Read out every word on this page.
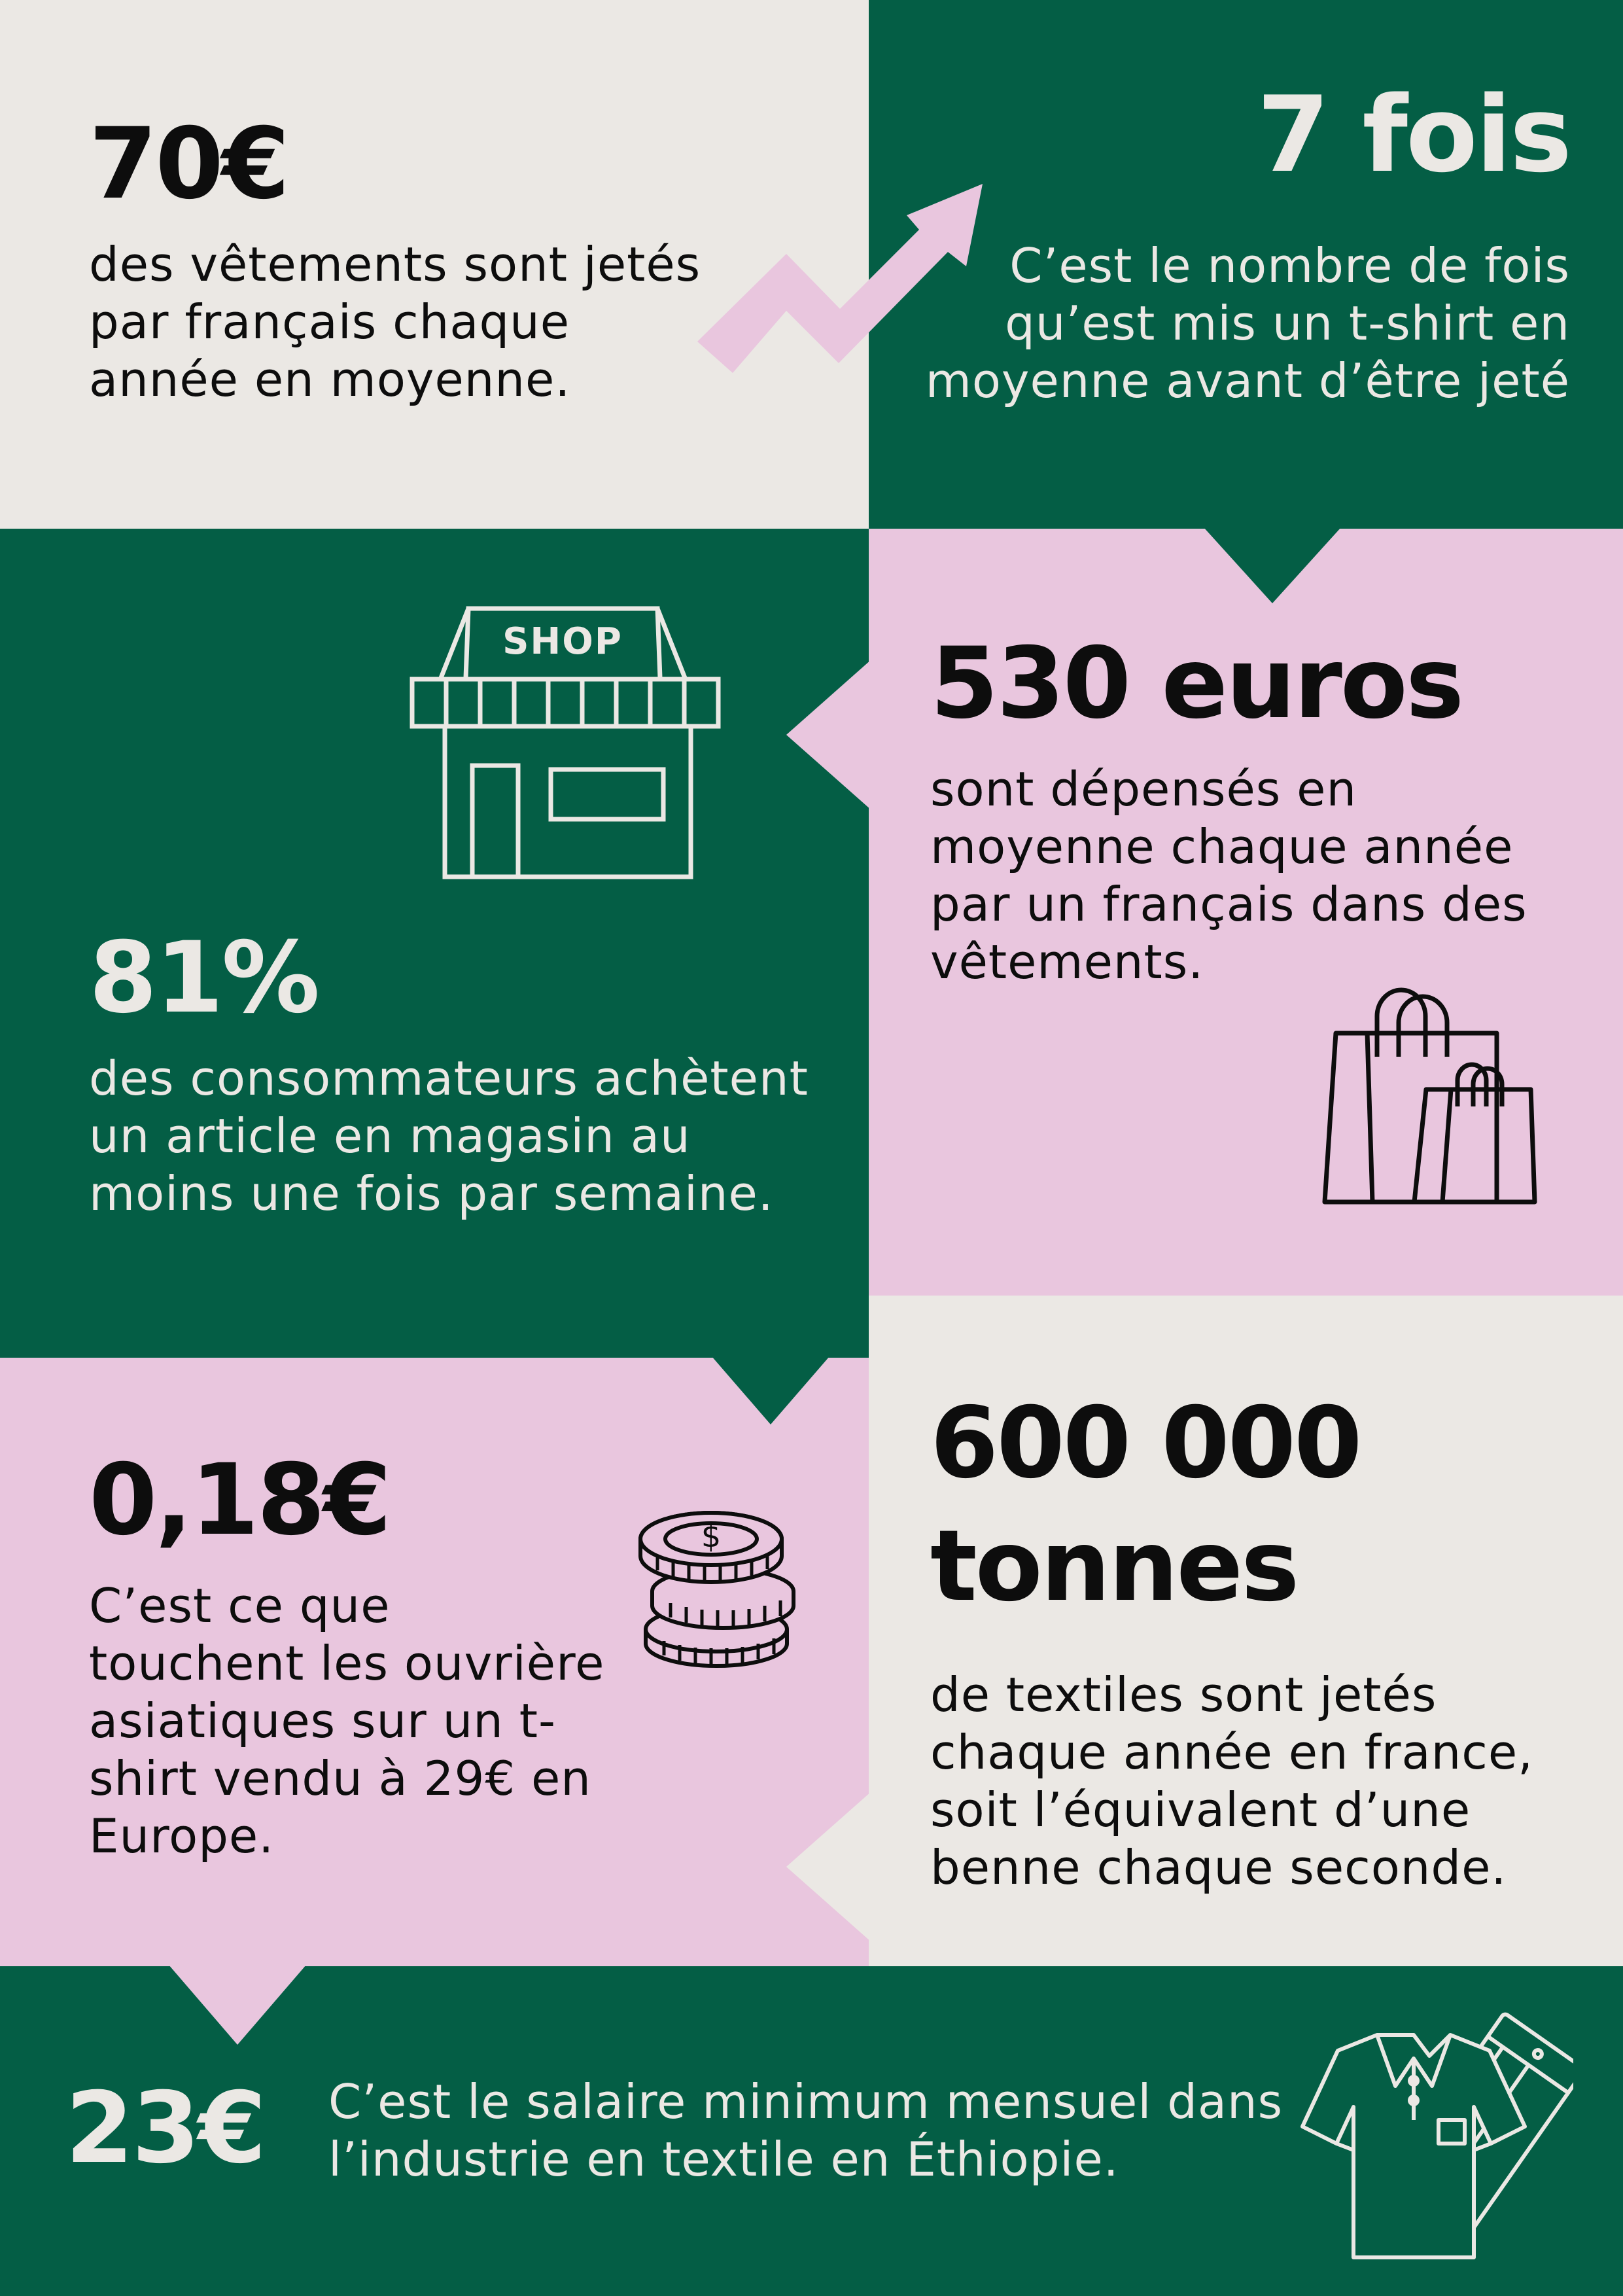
70€
des vêtements sont jetés
par français chaque
année en moyenne.
7 fois
C’est le nombre de fois
qu’est mis un t-shirt en
moyenne avant d’être jeté
530 euros
sont dépensés en
moyenne chaque année
par un français dans des
vêtements.
SHOP
81%
des consommateurs achètent
un article en magasin au
moins une fois par semaine.
0,18€
C’est ce que
touchent les ouvrière
asiatiques sur un t-
shirt vendu à 29€ en
Europe.
$
600 000
tonnes
de textiles sont jetés
chaque année en france,
soit l’équivalent d’une
benne chaque seconde.
23€ C’est le salaire minimum mensuel dans
l’industrie en textile en Éthiopie.
